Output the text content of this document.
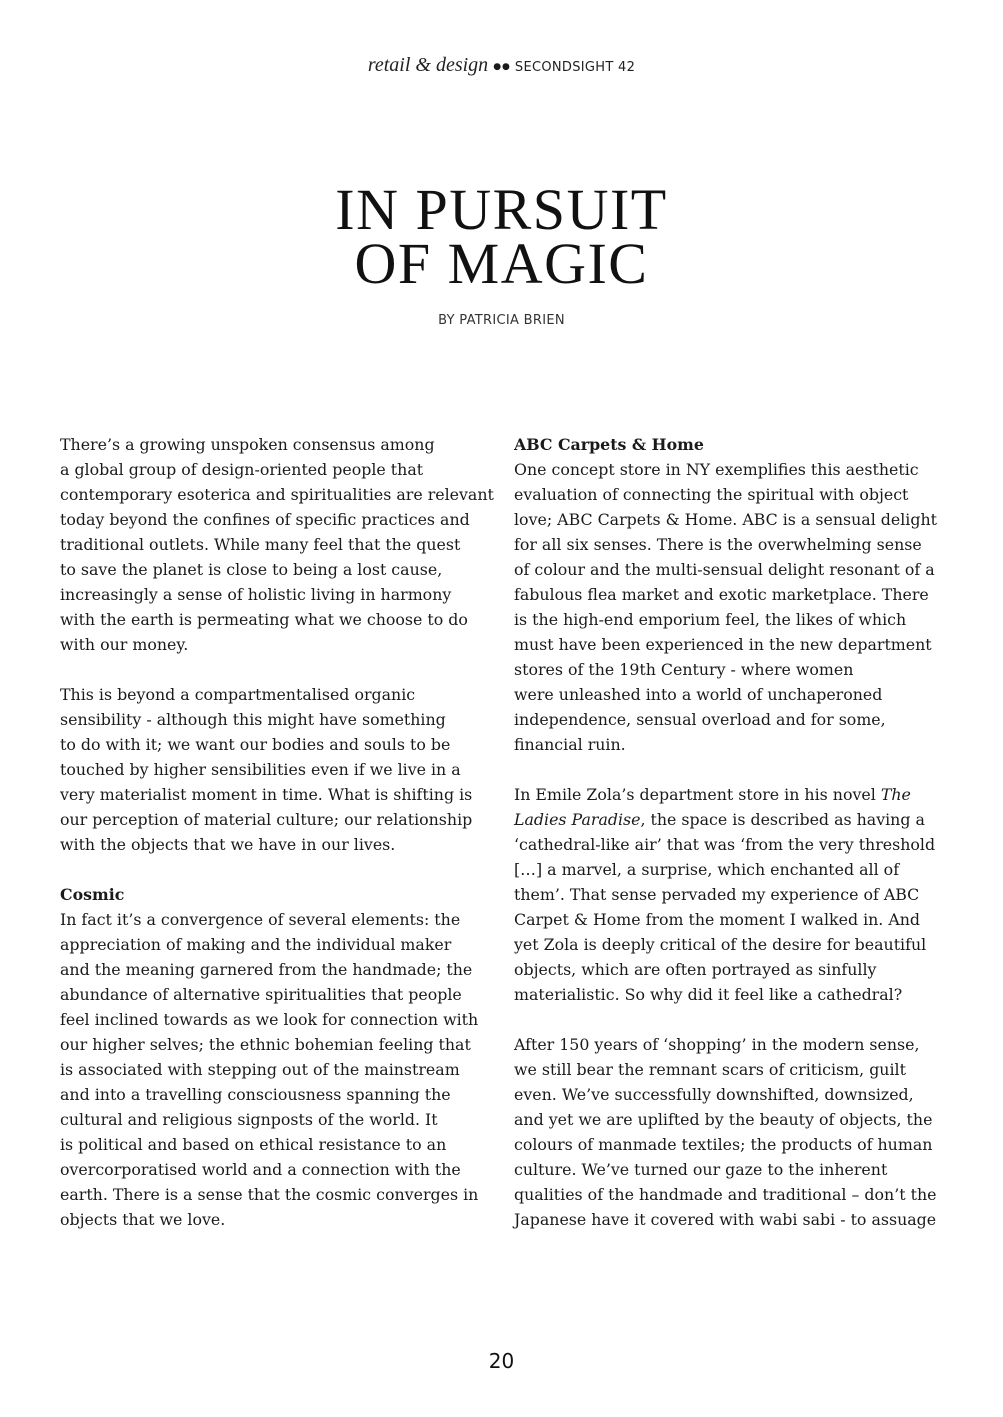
retail & design ●● SECONDSIGHT 42
IN PURSUIT
OF MAGIC
BY PATRICIA BRIEN
There’s a growing unspoken consensus among
a global group of design-oriented people that
contemporary esoterica and spiritualities are relevant
today beyond the confines of specific practices and
traditional outlets. While many feel that the quest
to save the planet is close to being a lost cause,
increasingly a sense of holistic living in harmony
with the earth is permeating what we choose to do
with our money.
This is beyond a compartmentalised organic
sensibility - although this might have something
to do with it; we want our bodies and souls to be
touched by higher sensibilities even if we live in a
very materialist moment in time. What is shifting is
our perception of material culture; our relationship
with the objects that we have in our lives.
Cosmic
In fact it’s a convergence of several elements: the
appreciation of making and the individual maker
and the meaning garnered from the handmade; the
abundance of alternative spiritualities that people
feel inclined towards as we look for connection with
our higher selves; the ethnic bohemian feeling that
is associated with stepping out of the mainstream
and into a travelling consciousness spanning the
cultural and religious signposts of the world. It
is political and based on ethical resistance to an
overcorporatised world and a connection with the
earth. There is a sense that the cosmic converges in
objects that we love.
ABC Carpets & Home
One concept store in NY exemplifies this aesthetic
evaluation of connecting the spiritual with object
love; ABC Carpets & Home. ABC is a sensual delight
for all six senses. There is the overwhelming sense
of colour and the multi-sensual delight resonant of a
fabulous flea market and exotic marketplace. There
is the high-end emporium feel, the likes of which
must have been experienced in the new department
stores of the 19th Century - where women
were unleashed into a world of unchaperoned
independence, sensual overload and for some,
financial ruin.
In Emile Zola’s department store in his novel The
Ladies Paradise, the space is described as having a
‘cathedral-like air’ that was ‘from the very threshold
[…] a marvel, a surprise, which enchanted all of
them’. That sense pervaded my experience of ABC
Carpet & Home from the moment I walked in. And
yet Zola is deeply critical of the desire for beautiful
objects, which are often portrayed as sinfully
materialistic. So why did it feel like a cathedral?
After 150 years of ‘shopping’ in the modern sense,
we still bear the remnant scars of criticism, guilt
even. We’ve successfully downshifted, downsized,
and yet we are uplifted by the beauty of objects, the
colours of manmade textiles; the products of human
culture. We’ve turned our gaze to the inherent
qualities of the handmade and traditional – don’t the
Japanese have it covered with wabi sabi - to assuage
20
